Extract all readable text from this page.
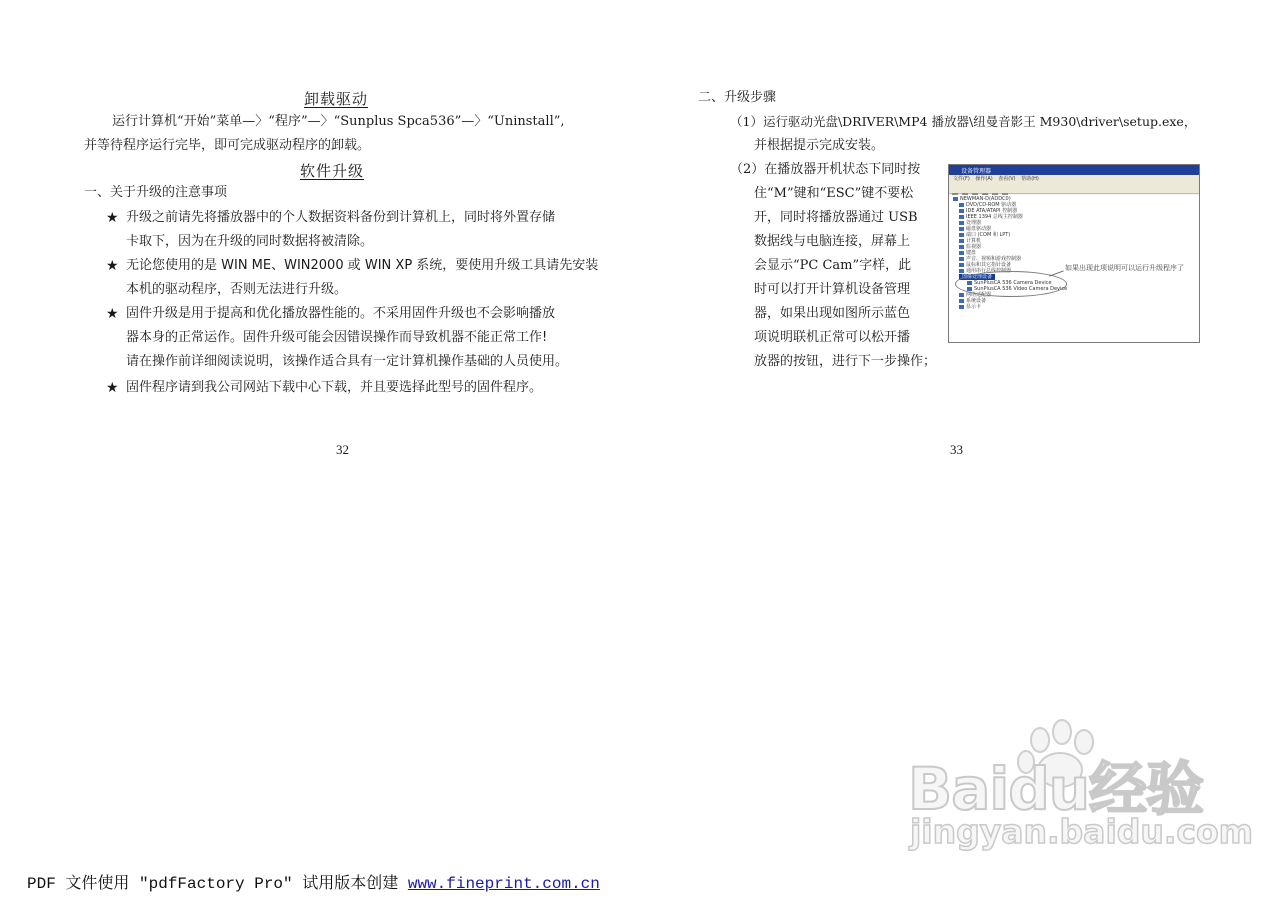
卸载驱动
运行计算机“开始”菜单—〉“程序”—〉“Sunplus Spca536”—〉“Uninstall”,
并等待程序运行完毕，即可完成驱动程序的卸载。
软件升级
一、关于升级的注意事项
★ 升级之前请先将播放器中的个人数据资料备份到计算机上，同时将外置存储
卡取下，因为在升级的同时数据将被清除。
★ 无论您使用的是 WIN ME、WIN2000 或 WIN XP 系统，要使用升级工具请先安装
本机的驱动程序，否则无法进行升级。
★ 固件升级是用于提高和优化播放器性能的。不采用固件升级也不会影响播放
器本身的正常运作。固件升级可能会因错误操作而导致机器不能正常工作!
请在操作前详细阅读说明，该操作适合具有一定计算机操作基础的人员使用。
★ 固件程序请到我公司网站下载中心下载，并且要选择此型号的固件程序。
32
二、升级步骤
（1）运行驱动光盘\DRIVER\MP4 播放器\纽曼音影王 M930\driver\setup.exe，
并根据提示完成安装。
（2）在播放器开机状态下同时按
住“M”键和“ESC”键不要松
开，同时将播放器通过 USB
数据线与电脑连接，屏幕上
会显示“PC Cam”字样，此
时可以打开计算机设备管理
器，如果出现如图所示蓝色
项说明联机正常可以松开播
放器的按钮，进行下一步操作；
设备管理器
文件(F) 操作(A) 查看(V) 帮助(H)
NEWMAN-D(ADDC0)
DVD/CD-ROM 驱动器
IDE ATA/ATAPI 控制器
IEEE 1394 总线主控制器
处理器
磁盘驱动器
端口 (COM 和 LPT)
计算机
监视器
键盘
声音、视频和游戏控制器
鼠标和其它指针设备
通用串行总线控制器
图像处理设备
SunPlusCA 536 Camera Device
SunPlusCA 536 Video Camera Device
网络适配器
系统设备
显示卡
如果出现此项说明可以运行升级程序了
33
Baidu经验
jingyan.baidu.com
PDF 文件使用 "pdfFactory Pro" 试用版本创建 www.fineprint.com.cn
